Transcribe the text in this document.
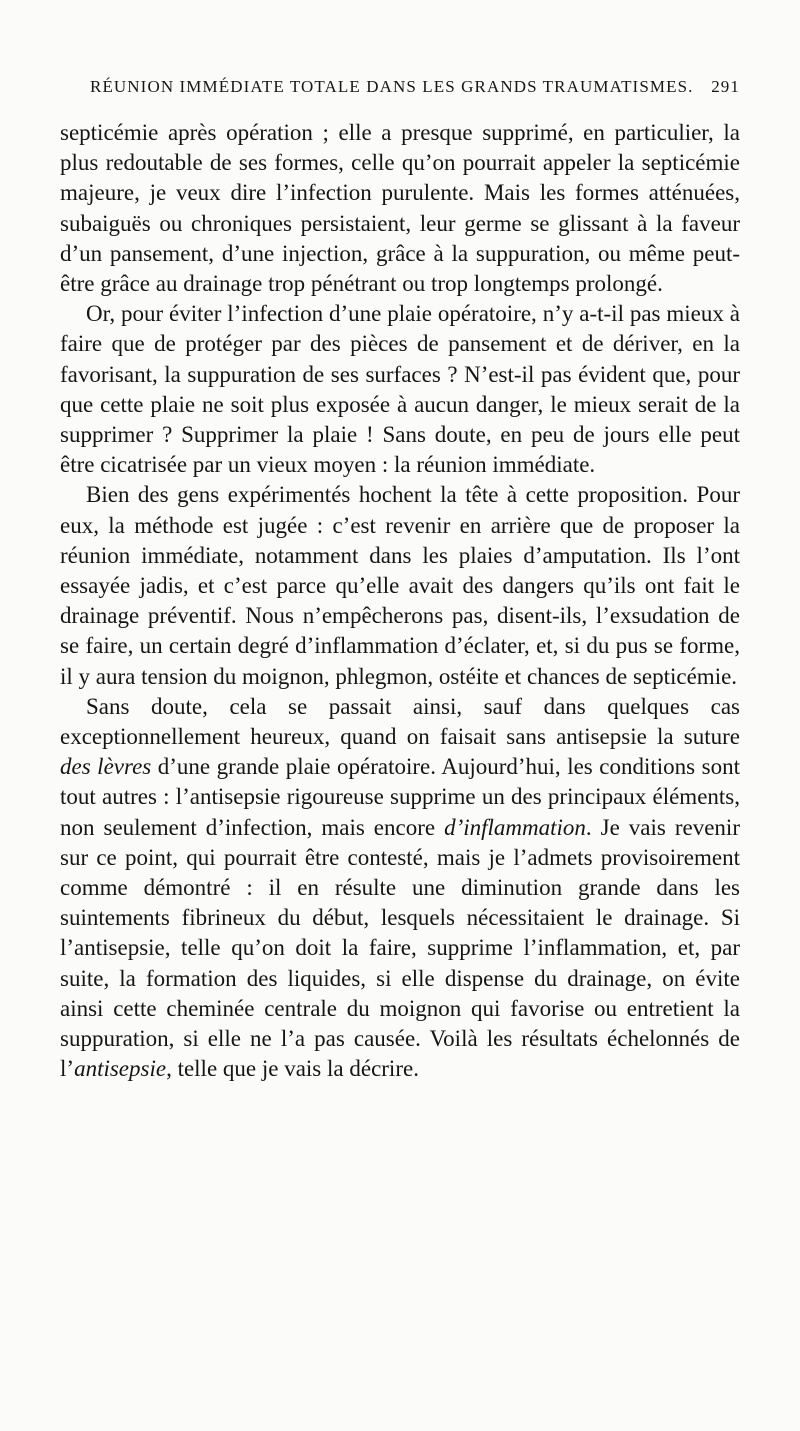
RÉUNION IMMÉDIATE TOTALE DANS LES GRANDS TRAUMATISMES. 291

septicémie après opération ; elle a presque supprimé, en particulier, la plus redoutable de ses formes, celle qu’on pourrait appeler la septicémie majeure, je veux dire l’infection purulente. Mais les formes atténuées, subaiguës ou chroniques persistaient, leur germe se glissant à la faveur d’un pansement, d’une injection, grâce à la suppuration, ou même peut-être grâce au drainage trop pénétrant ou trop longtemps prolongé.

Or, pour éviter l’infection d’une plaie opératoire, n’y a-t-il pas mieux à faire que de protéger par des pièces de pansement et de dériver, en la favorisant, la suppuration de ses surfaces ? N’est-il pas évident que, pour que cette plaie ne soit plus exposée à aucun danger, le mieux serait de la supprimer ? Supprimer la plaie ! Sans doute, en peu de jours elle peut être cicatrisée par un vieux moyen : la réunion immédiate.

Bien des gens expérimentés hochent la tête à cette proposition. Pour eux, la méthode est jugée : c’est revenir en arrière que de proposer la réunion immédiate, notamment dans les plaies d’amputation. Ils l’ont essayée jadis, et c’est parce qu’elle avait des dangers qu’ils ont fait le drainage préventif. Nous n’empêcherons pas, disent-ils, l’exsudation de se faire, un certain degré d’inflammation d’éclater, et, si du pus se forme, il y aura tension du moignon, phlegmon, ostéite et chances de septicémie.

Sans doute, cela se passait ainsi, sauf dans quelques cas exceptionnellement heureux, quand on faisait sans antisepsie la suture des lèvres d’une grande plaie opératoire. Aujourd’hui, les conditions sont tout autres : l’antisepsie rigoureuse supprime un des principaux éléments, non seulement d’infection, mais encore d’inflammation. Je vais revenir sur ce point, qui pourrait être contesté, mais je l’admets provisoirement comme démontré : il en résulte une diminution grande dans les suintements fibrineux du début, lesquels nécessitaient le drainage. Si l’antisepsie, telle qu’on doit la faire, supprime l’inflammation, et, par suite, la formation des liquides, si elle dispense du drainage, on évite ainsi cette cheminée centrale du moignon qui favorise ou entretient la suppuration, si elle ne l’a pas causée. Voilà les résultats échelonnés de l’antisepsie, telle que je vais la décrire.
